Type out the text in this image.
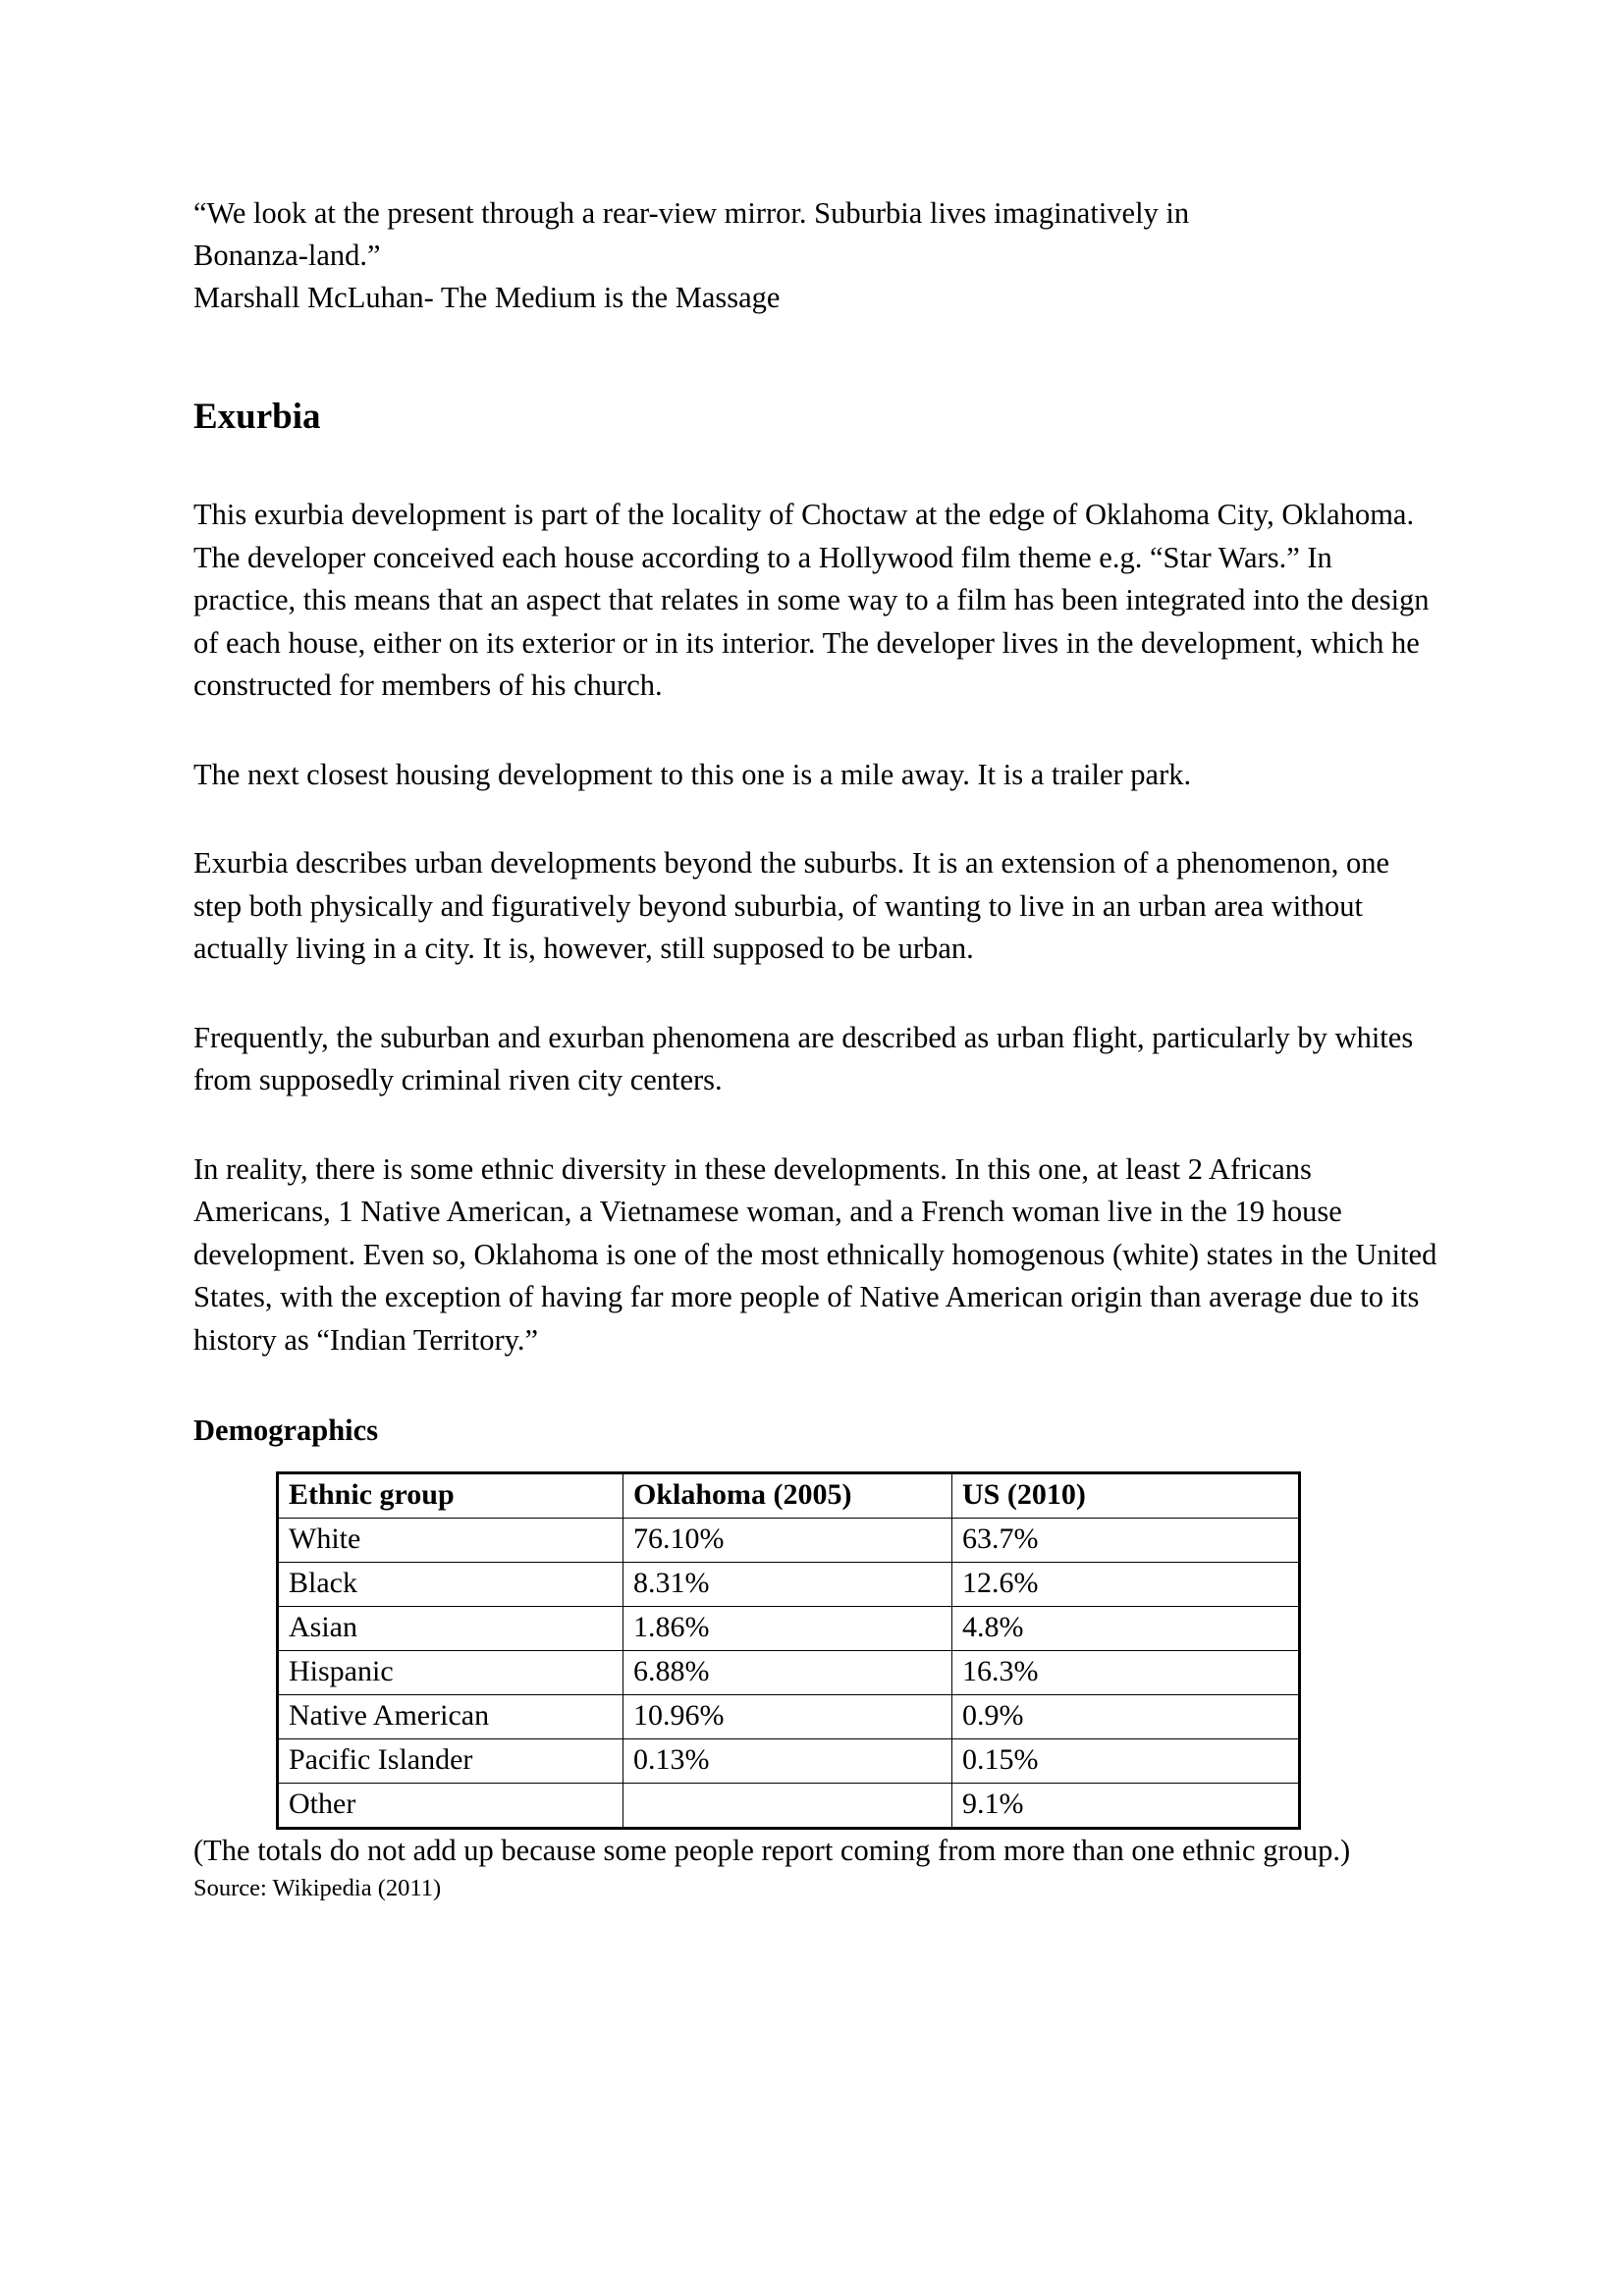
“We look at the present through a rear-view mirror. Suburbia lives imaginatively in
Bonanza-land.”
Marshall McLuhan- The Medium is the Massage
Exurbia

This exurbia development is part of the locality of Choctaw at the edge of Oklahoma City, Oklahoma. The developer conceived each house according to a Hollywood film theme e.g. “Star Wars.” In practice, this means that an aspect that relates in some way to a film has been integrated into the design of each house, either on its exterior or in its interior. The developer lives in the development, which he constructed for members of his church.

The next closest housing development to this one is a mile away. It is a trailer park.

Exurbia describes urban developments beyond the suburbs. It is an extension of a phenomenon, one step both physically and figuratively beyond suburbia, of wanting to live in an urban area without actually living in a city. It is, however, still supposed to be urban.

Frequently, the suburban and exurban phenomena are described as urban flight, particularly by whites from supposedly criminal riven city centers.

In reality, there is some ethnic diversity in these developments. In this one, at least 2 Africans Americans, 1 Native American, a Vietnamese woman, and a French woman live in the 19 house development. Even so, Oklahoma is one of the most ethnically homogenous (white) states in the United States, with the exception of having far more people of Native American origin than average due to its history as “Indian Territory.”

Demographics
Ethnic group	Oklahoma (2005)	US (2010)
White	76.10%	63.7%
Black	8.31%	12.6%
Asian	1.86%	4.8%
Hispanic	6.88%	16.3%
Native American	10.96%	0.9%
Pacific Islander	0.13%	0.15%
Other		9.1%

(The totals do not add up because some people report coming from more than one ethnic group.)

Source: Wikipedia (2011)
